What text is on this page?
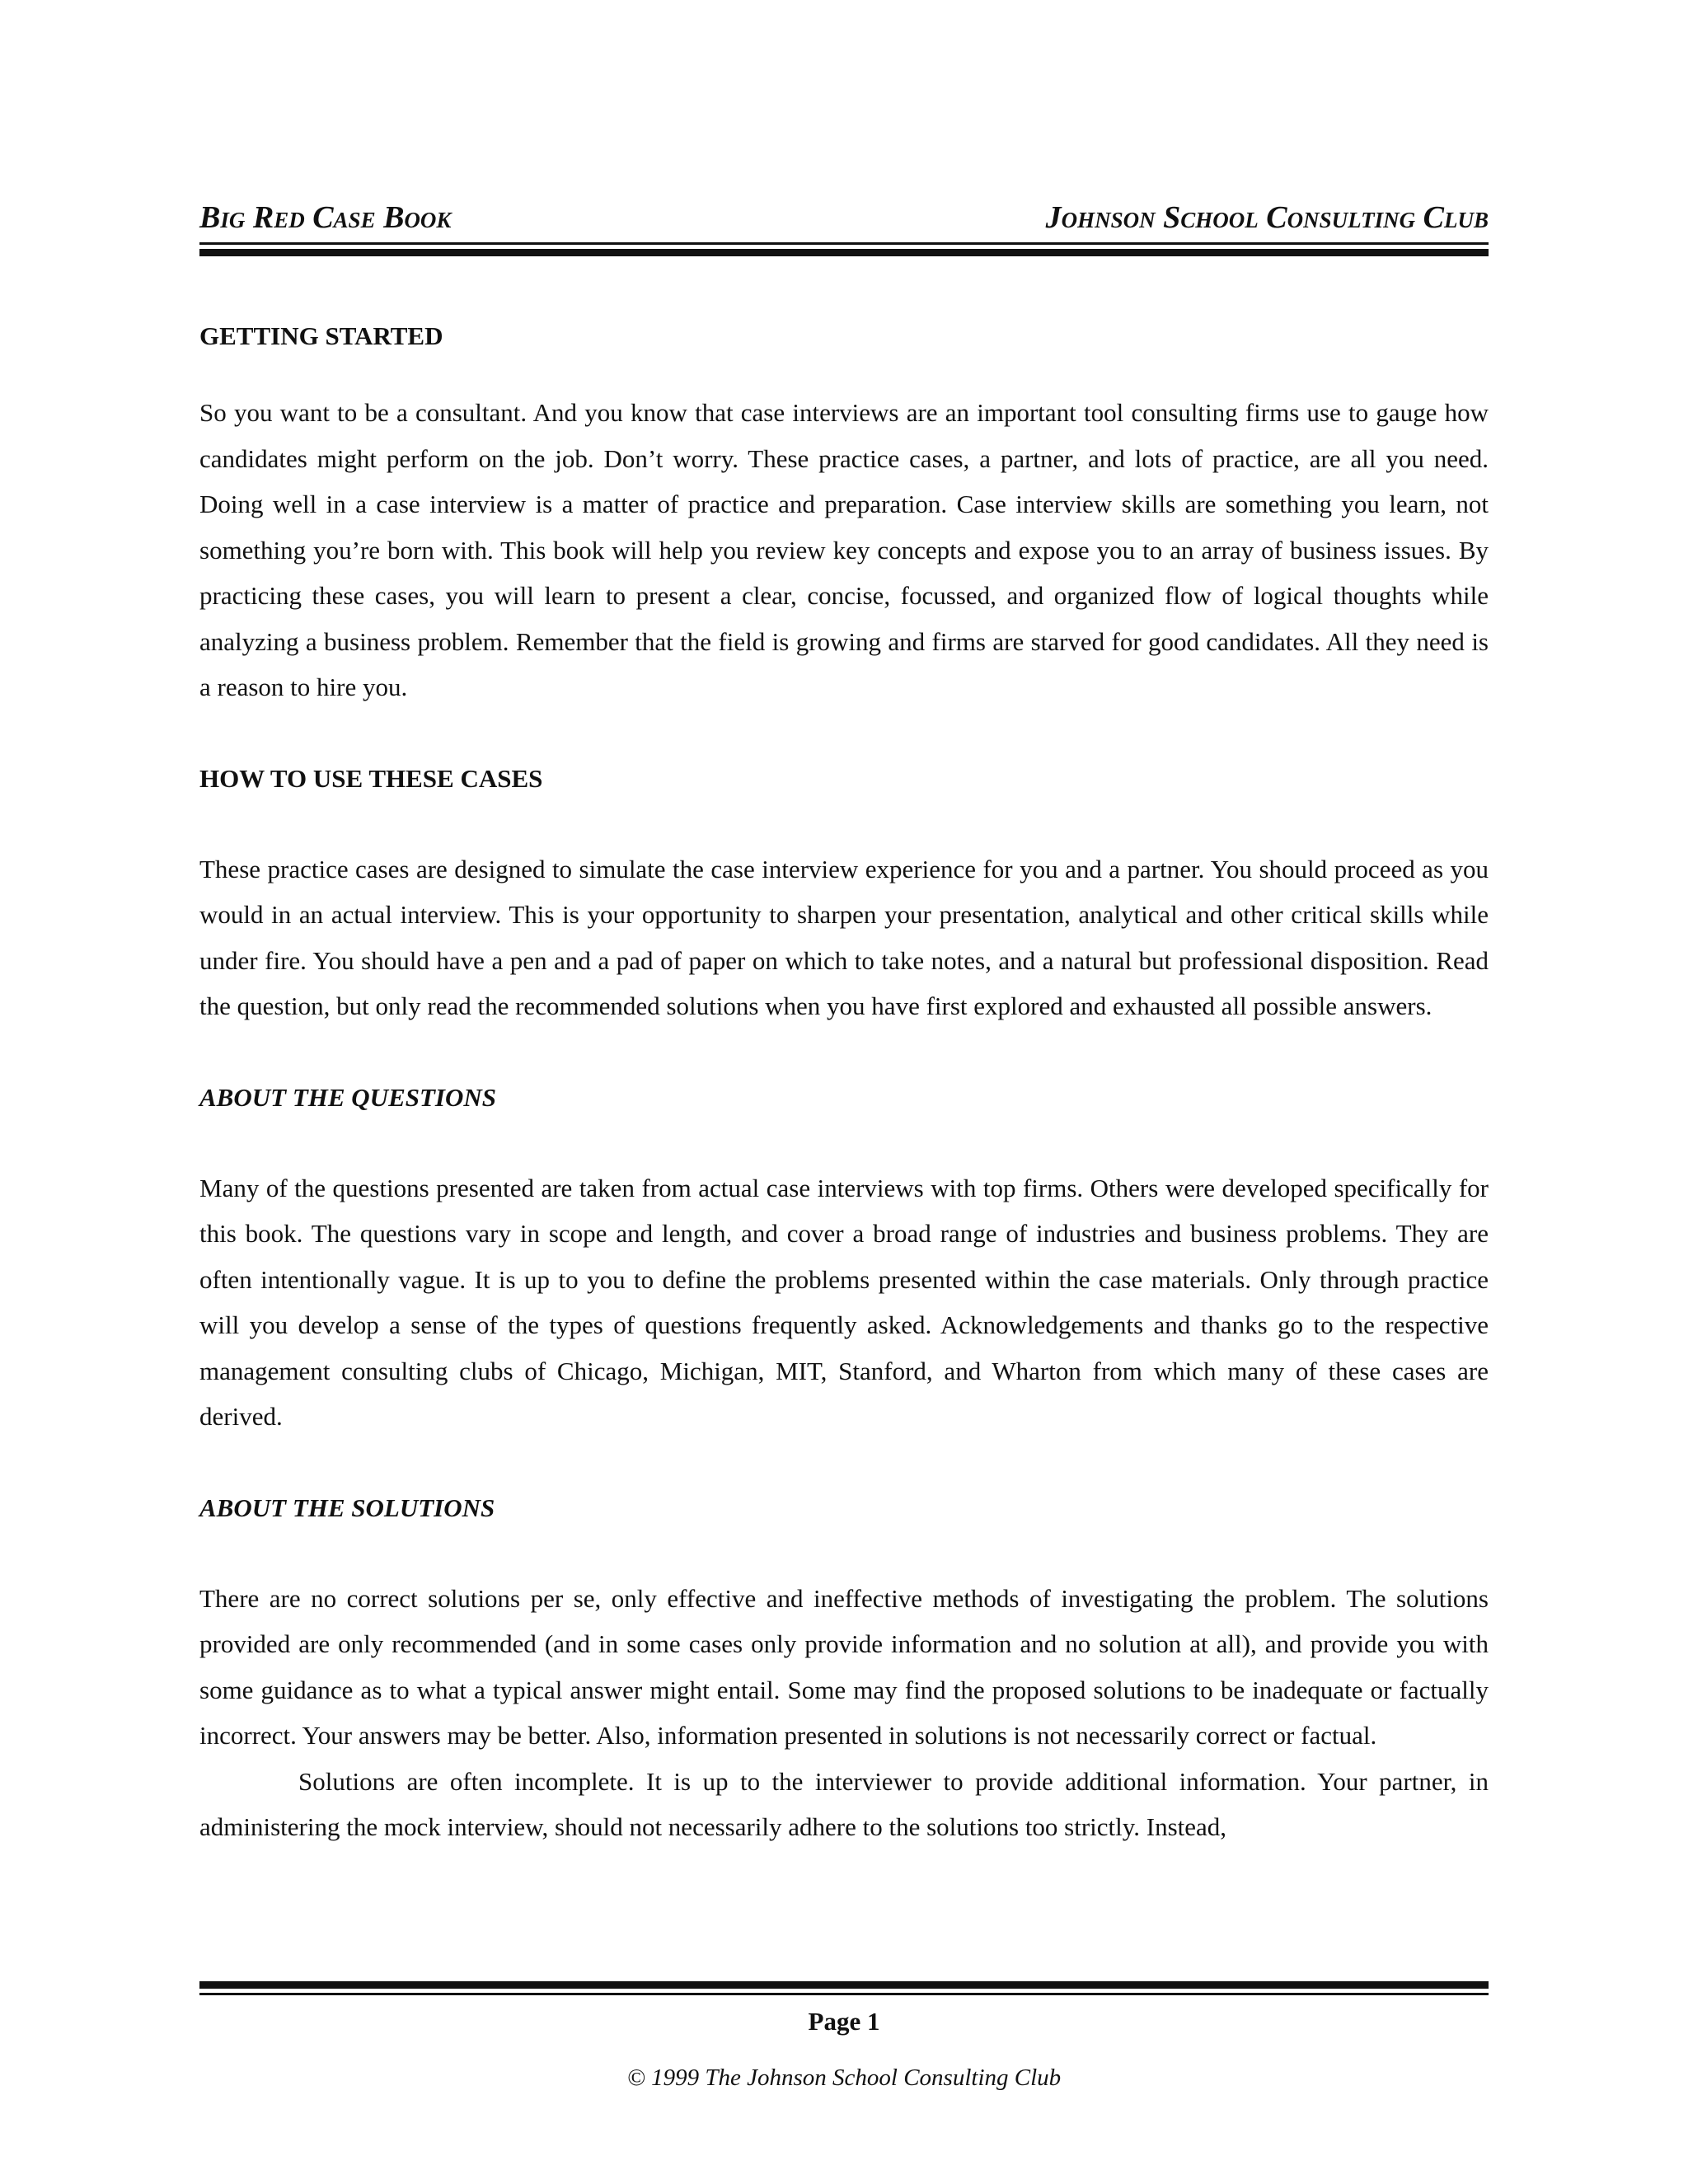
Big Red Case Book	Johnson School Consulting Club
GETTING STARTED

So you want to be a consultant. And you know that case interviews are an important tool consulting firms use to gauge how candidates might perform on the job. Don’t worry. These practice cases, a partner, and lots of practice, are all you need. Doing well in a case interview is a matter of practice and preparation. Case interview skills are something you learn, not something you’re born with. This book will help you review key concepts and expose you to an array of business issues. By practicing these cases, you will learn to present a clear, concise, focussed, and organized flow of logical thoughts while analyzing a business problem. Remember that the field is growing and firms are starved for good candidates. All they need is a reason to hire you.

HOW TO USE THESE CASES

These practice cases are designed to simulate the case interview experience for you and a partner. You should proceed as you would in an actual interview. This is your opportunity to sharpen your presentation, analytical and other critical skills while under fire. You should have a pen and a pad of paper on which to take notes, and a natural but professional disposition. Read the question, but only read the recommended solutions when you have first explored and exhausted all possible answers.

ABOUT THE QUESTIONS

Many of the questions presented are taken from actual case interviews with top firms. Others were developed specifically for this book. The questions vary in scope and length, and cover a broad range of industries and business problems. They are often intentionally vague. It is up to you to define the problems presented within the case materials. Only through practice will you develop a sense of the types of questions frequently asked. Acknowledgements and thanks go to the respective management consulting clubs of Chicago, Michigan, MIT, Stanford, and Wharton from which many of these cases are derived.

ABOUT THE SOLUTIONS

There are no correct solutions per se, only effective and ineffective methods of investigating the problem. The solutions provided are only recommended (and in some cases only provide information and no solution at all), and provide you with some guidance as to what a typical answer might entail. Some may find the proposed solutions to be inadequate or factually incorrect. Your answers may be better. Also, information presented in solutions is not necessarily correct or factual.

Solutions are often incomplete. It is up to the interviewer to provide additional information. Your partner, in administering the mock interview, should not necessarily adhere to the solutions too strictly. Instead,

Page 1
© 1999 The Johnson School Consulting Club
